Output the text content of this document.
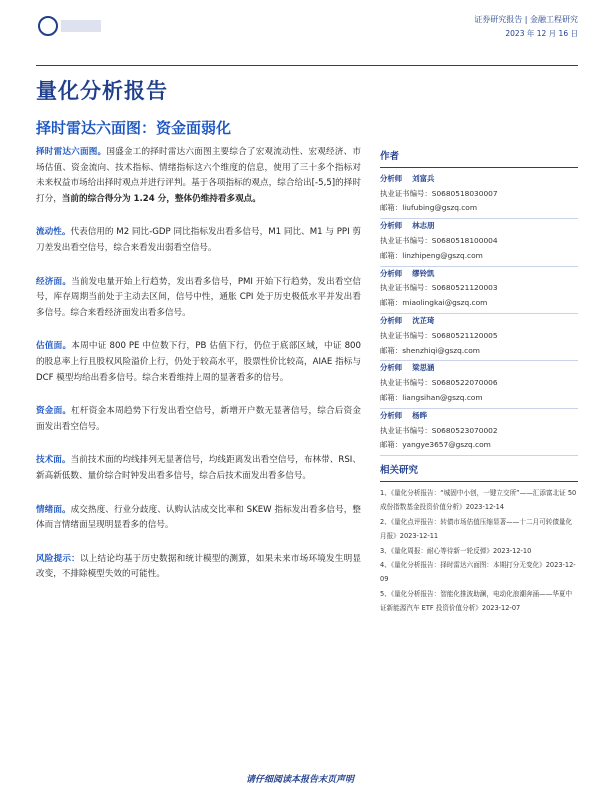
证券研究报告 | 金融工程研究
2023 年 12 月 16 日
量化分析报告
择时雷达六面图：资金面弱化

择时雷达六面图。国盛金工的择时雷达六面图主要综合了宏观流动性、宏观经济、市场估值、资金流向、技术指标、情绪指标这六个维度的信息，使用了三十多个指标对未来权益市场给出择时观点并进行评判。基于各项指标的观点，综合给出[-5,5]的择时打分，当前的综合得分为 1.24 分，整体仍维持看多观点。

流动性。代表信用的 M2 同比-GDP 同比指标发出看多信号，M1 同比、M1 与 PPI 剪刀差发出看空信号，综合来看发出弱看空信号。

经济面。当前发电量开始上行趋势，发出看多信号，PMI 开始下行趋势，发出看空信号，库存周期当前处于主动去区间，信号中性，通胀 CPI 处于历史极低水平并发出看多信号。综合来看经济面发出看多信号。

估值面。本周中证 800 PE 中位数下行，PB 估值下行，仍位于底部区域，中证 800 的股息率上行且股权风险溢价上行，仍处于较高水平，股票性价比较高，AIAE 指标与 DCF 模型均给出看多信号。综合来看维持上周的显著看多的信号。

资金面。杠杆资金本周趋势下行发出看空信号，新增开户数无显著信号，综合后资金面发出看空信号。

技术面。当前技术面的均线排列无显著信号，均线距离发出看空信号，布林带、RSI、新高新低数、量价综合时钟发出看多信号，综合后技术面发出看多信号。

情绪面。成交热度、行业分歧度、认购认沽成交比率和 SKEW 指标发出看多信号，整体而言情绪面呈现明显看多的信号。

风险提示：以上结论均基于历史数据和统计模型的测算，如果未来市场环境发生明显改变，不排除模型失效的可能性。

作者
分析师 刘富兵
执业证书编号：S0680518030007
邮箱：liufubing@gszq.com
分析师 林志朋
执业证书编号：S0680518100004
邮箱：linzhipeng@gszq.com
分析师 缪铃凯
执业证书编号：S0680521120003
邮箱：miaolingkai@gszq.com
分析师 沈芷琦
执业证书编号：S0680521120005
邮箱：shenzhiqi@gszq.com
分析师 梁思涵
执业证书编号：S0680522070006
邮箱：liangsihan@gszq.com
分析师 杨晔
执业证书编号：S0680523070002
邮箱：yangye3657@gszq.com
相关研究
1、《量化分析报告：“城固中小创，一键立交所”——汇添富北证 50 成份指数基金投资价值分析》2023-12-14
2、《量化点评报告：转债市场估值压缩显著——十二月可转债量化月报》2023-12-11
3、《量化周报：耐心等待新一轮反弹》2023-12-10
4、《量化分析报告：择时雷达六面图：本期打分无变化》2023-12-09
5、《量化分析报告：智能化推波助澜，电动化浪潮奔涌——华夏中证新能源汽车 ETF 投资价值分析》2023-12-07
请仔细阅读本报告末页声明
